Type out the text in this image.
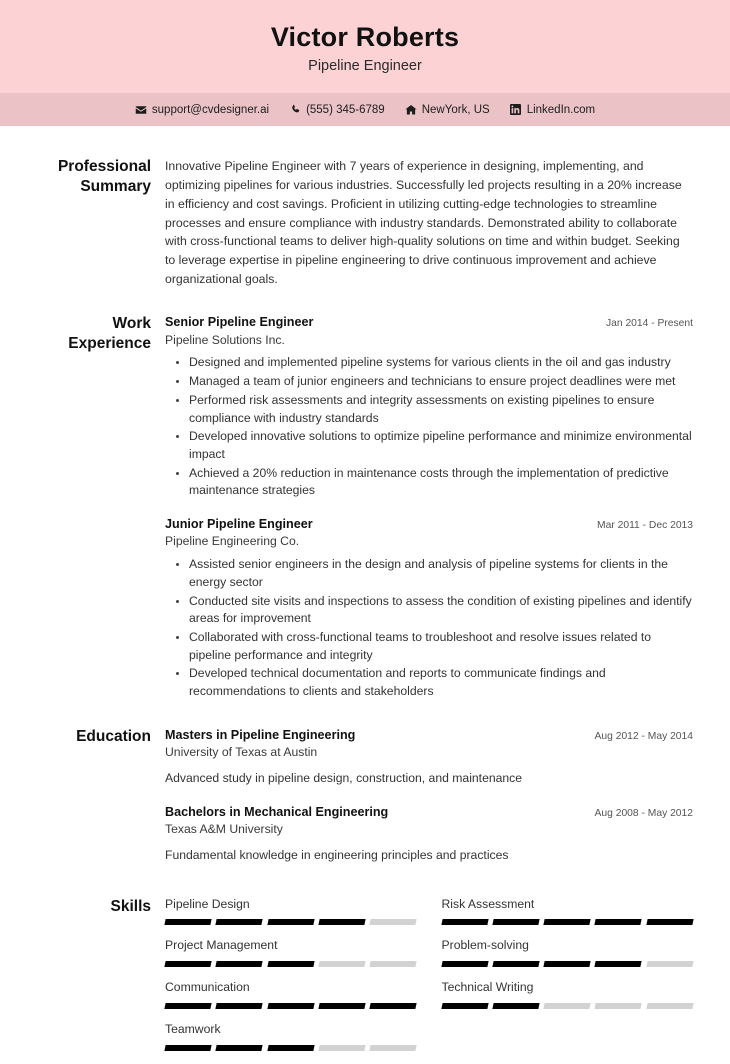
Victor Roberts
Pipeline Engineer
support@cvdesigner.ai	(555) 345-6789	NewYork, US	LinkedIn.com
Professional Summary
Innovative Pipeline Engineer with 7 years of experience in designing, implementing, and optimizing pipelines for various industries. Successfully led projects resulting in a 20% increase in efficiency and cost savings. Proficient in utilizing cutting-edge technologies to streamline processes and ensure compliance with industry standards. Demonstrated ability to collaborate with cross-functional teams to deliver high-quality solutions on time and within budget. Seeking to leverage expertise in pipeline engineering to drive continuous improvement and achieve organizational goals.
Work Experience
Senior Pipeline Engineer	Jan 2014 - Present
Pipeline Solutions Inc.
Designed and implemented pipeline systems for various clients in the oil and gas industry
Managed a team of junior engineers and technicians to ensure project deadlines were met
Performed risk assessments and integrity assessments on existing pipelines to ensure compliance with industry standards
Developed innovative solutions to optimize pipeline performance and minimize environmental impact
Achieved a 20% reduction in maintenance costs through the implementation of predictive maintenance strategies
Junior Pipeline Engineer	Mar 2011 - Dec 2013
Pipeline Engineering Co.
Assisted senior engineers in the design and analysis of pipeline systems for clients in the energy sector
Conducted site visits and inspections to assess the condition of existing pipelines and identify areas for improvement
Collaborated with cross-functional teams to troubleshoot and resolve issues related to pipeline performance and integrity
Developed technical documentation and reports to communicate findings and recommendations to clients and stakeholders
Education	Masters in Pipeline Engineering	Aug 2012 - May 2014
University of Texas at Austin
Advanced study in pipeline design, construction, and maintenance
Bachelors in Mechanical Engineering	Aug 2008 - May 2012
Texas A&M University
Fundamental knowledge in engineering principles and practices
Skills	Pipeline Design	Risk Assessment
Project Management	Problem-solving
Communication	Technical Writing
Teamwork
